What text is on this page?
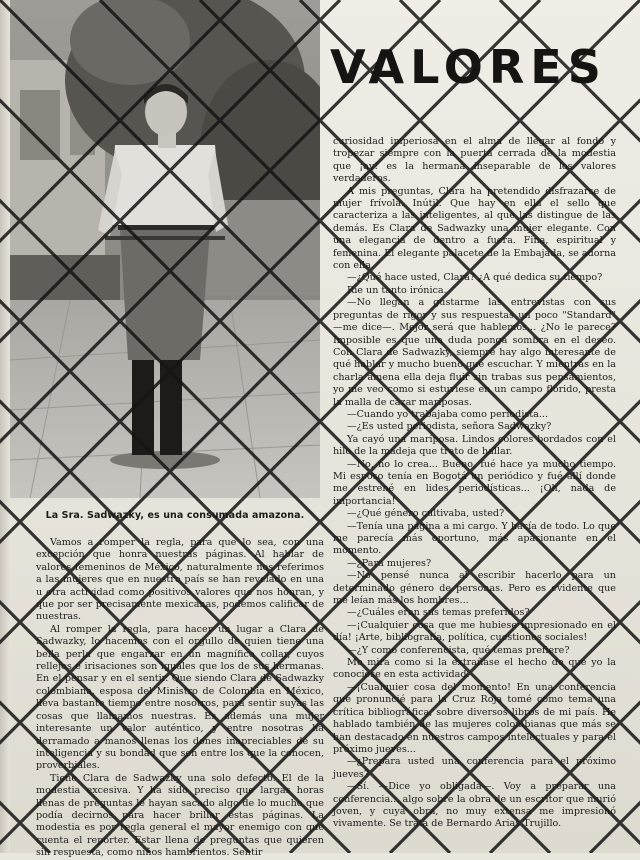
La Sra. Sadwazky, es una consumada amazona.
VALORES

Vamos a romper la regla, para que lo sea, con una excepción que honra nuestras páginas. Al hablar de valores femeninos de México, naturalmente nos referimos a las mujeres que en nuestro país se han revelado en una u otra actividad como positivos valores que nos honran, y que por ser precisamente mexicanas, podemos calificar de nuestras.

Al romper la regla, para hacer un lugar a Clara de Sadwazky, lo hacemos con el orgullo de quien tiene una bella perla que engarzar en un magnífico collar, cuyos rellejos e irisaciones son iguales que los de sus hermanas. En el pensar y en el sentir. Que siendo Clara de Sadwazky colombiana, esposa del Ministro de Colombia en México, lleva bastante tiempo entre nosotros, para sentir suyas las cosas que llamamos nuestras. Es además una mujer interesante un valor auténtico, y entre nosotras ha derramado a manos llenas los dones inapreciables de su inteligencia y su bondad que son entre los que la conocen, proverbiales.

Tiene Clara de Sadwazky una solo defecto. El de la modestia excesiva. Y ha sido preciso que largas horas llenas de preguntas le hayan sacado algo de lo mucho que podía decirnos para hacer brillar estas páginas. La modestia es por regla general el mayor enemigo con que cuenta el reporter. Estar llena de preguntas que quieren sin respuesta, como niños hambrientos. Sentir

curiosidad imperiosa en el alma de llegar al fondo y tropezar siempre con la puerta cerrada de la modestia que ¡ay! es la hermana inseparable de los valores verdaderos.

A mis preguntas, Clara ha pretendido disfrazarse de mujer frívola. Inútil. Que hay en ella el sello que caracteriza a las inteligentes, al que las distingue de las demás. Es Clara de Sadwazky una mujer elegante. Con una elegancia de dentro a fuera. Fina, espiritual y femenina. El elegante palacete de la Embajada, se adorna con ella.

—¿Qué hace usted, Clara? ¿A qué dedica su tiempo?

Ríe un tanto irónica.

—No llegan a gustarme las entrevistas con sus preguntas de rigor y sus respuestas un poco "Standard" —me dice—. Mejor será que hablemos... ¿No le parece? Imposible es que una duda ponga sombra en el deseo. Con Clara de Sadwazky, siempre hay algo interesante de qué hablar y mucho bueno que escuchar. Y mientras en la charla amena ella deja fluir sin trabas sus pensamientos, yo me veo como si estuviese en un campo florido, presta la malla de cazar mariposas.

—Cuando yo trabajaba como periodista...

—¿Es usted periodista, señora Sadwazky?

Ya cayó una mariposa. Lindos colores bordados con el hilo de la madeja que trato de hallar.

—No, no lo crea... Bueno, fué hace ya mucho tiempo. Mi esposo tenía en Bogotá un periódico y fué allí donde me estrené en lides periodísticas... ¡Oh, nada de importancia!

—¿Qué género cultivaba, usted?

—Tenía una página a mi cargo. Y hacía de todo. Lo que me parecía más oportuno, más apasionante en el momento.

—¿Para mujeres?

—No pensé nunca al escribir hacerlo para un determinado género de personas. Pero es evidente que me leían más los hombres...

—¿Cuáles eran sus temas preferidos?

—¡Cualquier cosa que me hubiese impresionado en el día! ¡Arte, bibliografía, política, cuestiones sociales!

—¿Y como conferencista, qué temas prefiere?

Me mira como si la extrañase el hecho de que yo la conociese en esta actividad.

—¡Cualquier cosa del momento! En una conferencia que pronuncié para la Cruz Roja tomé como tema una crítica bibliográfica, sobre diversos libros de mi país. He hablado también de las mujeres colombianas que más se han destacado en nuestros campos intelectuales y para el próximo jueves...

—¿Prepara usted una conferencia para el próximo jueves?

—Sí. —Dice yo obligada—. Voy a preparar una conferencia... algo sobre la obra de un escritor que murió joven, y cuya obra, no muy extensa me impresionó vivamente. Se trata de Bernardo Arias Trujillo.
